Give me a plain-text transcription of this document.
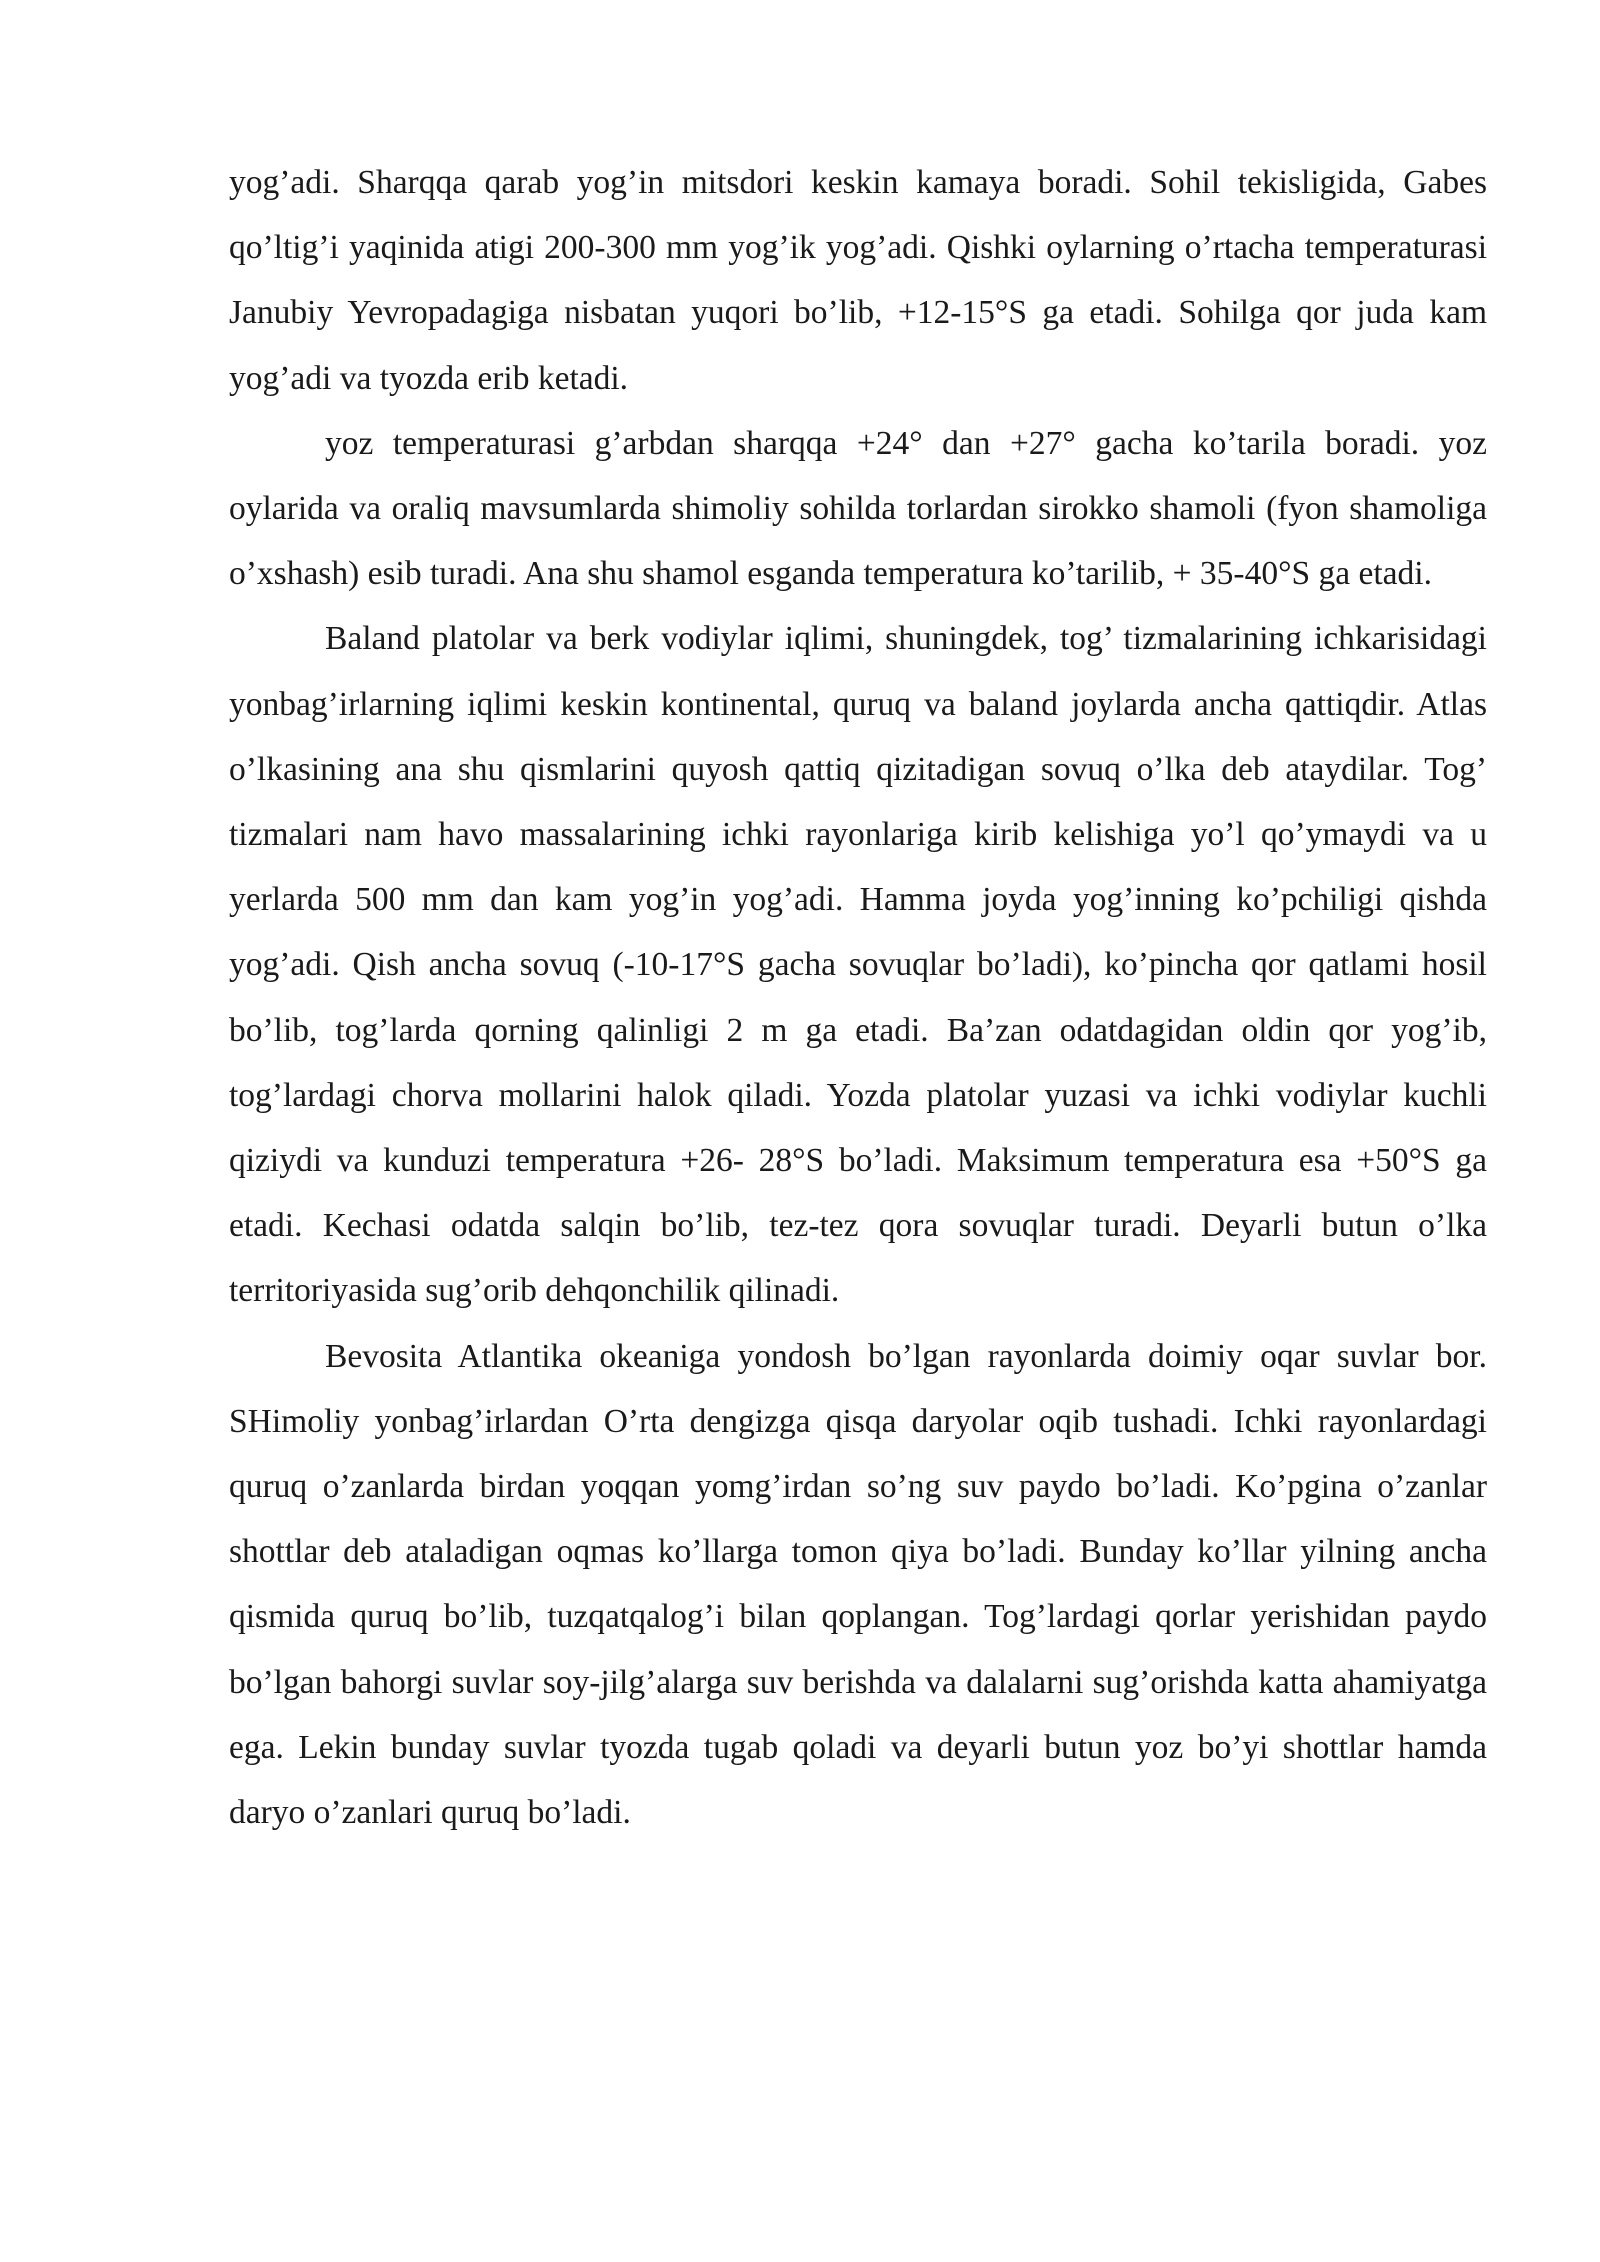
yog’adi. Sharqqa qarab yog’in mitsdori keskin kamaya boradi. Sohil tekisligida, Gabes qo’ltig’i yaqinida atigi 200-300 mm yog’ik yog’adi. Qishki oylarning o’rtacha temperaturasi Janubiy Yevropadagiga nisbatan yuqori bo’lib, +12-15°S ga etadi. Sohilga qor juda kam yog’adi va tyozda erib ketadi.

yoz temperaturasi g’arbdan sharqqa +24° dan +27° gacha ko’tarila boradi. yoz oylarida va oraliq mavsumlarda shimoliy sohilda torlardan sirokko shamoli (fyon shamoliga o’xshash) esib turadi. Ana shu shamol esganda temperatura ko’tarilib, + 35-40°S ga etadi.

Baland platolar va berk vodiylar iqlimi, shuningdek, tog’ tizmalarining ichkarisidagi yonbag’irlarning iqlimi keskin kontinental, quruq va baland joylarda ancha qattiqdir. Atlas o’lkasining ana shu qismlarini quyosh qattiq qizitadigan sovuq o’lka deb ataydilar. Tog’ tizmalari nam havo massalarining ichki rayonlariga kirib kelishiga yo’l qo’ymaydi va u yerlarda 500 mm dan kam yog’in yog’adi. Hamma joyda yog’inning ko’pchiligi qishda yog’adi. Qish ancha sovuq (-10-17°S gacha sovuqlar bo’ladi), ko’pincha qor qatlami hosil bo’lib, tog’larda qorning qalinligi 2 m ga etadi. Ba’zan odatdagidan oldin qor yog’ib, tog’lardagi chorva mollarini halok qiladi. Yozda platolar yuzasi va ichki vodiylar kuchli qiziydi va kunduzi temperatura +26- 28°S bo’ladi. Maksimum temperatura esa +50°S ga etadi. Kechasi odatda salqin bo’lib, tez-tez qora sovuqlar turadi. Deyarli butun o’lka territoriyasida sug’orib dehqonchilik qilinadi.

Bevosita Atlantika okeaniga yondosh bo’lgan rayonlarda doimiy oqar suvlar bor. SHimoliy yonbag’irlardan O’rta dengizga qisqa daryolar oqib tushadi. Ichki rayonlardagi quruq o’zanlarda birdan yoqqan yomg’irdan so’ng suv paydo bo’ladi. Ko’pgina o’zanlar shottlar deb ataladigan oqmas ko’llarga tomon qiya bo’ladi. Bunday ko’llar yilning ancha qismida quruq bo’lib, tuzqatqalog’i bilan qoplangan. Tog’lardagi qorlar yerishidan paydo bo’lgan bahorgi suvlar soy-jilg’alarga suv berishda va dalalarni sug’orishda katta ahamiyatga ega. Lekin bunday suvlar tyozda tugab qoladi va deyarli butun yoz bo’yi shottlar hamda daryo o’zanlari quruq bo’ladi.
